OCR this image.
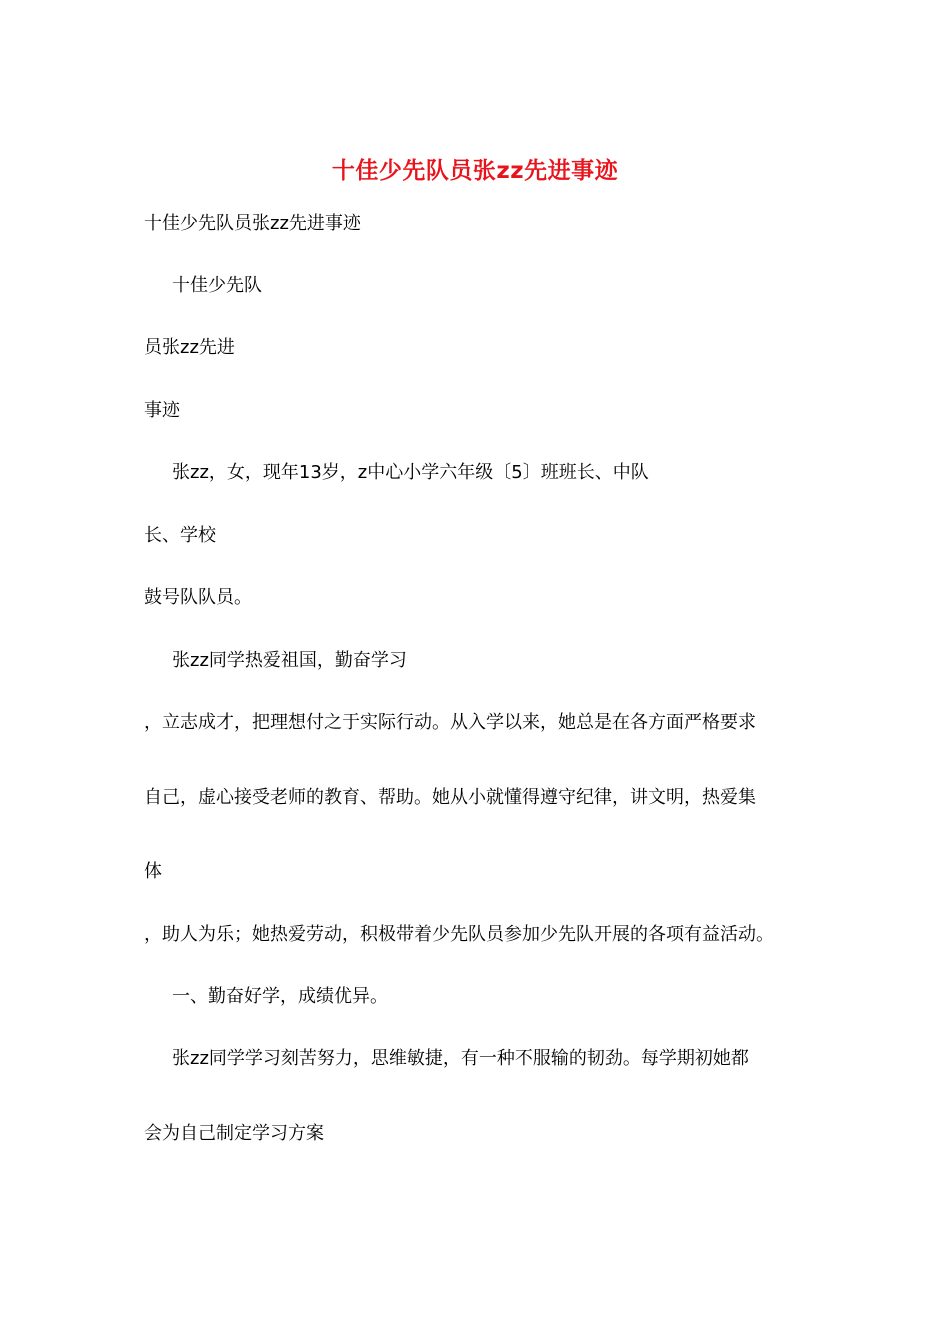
十佳少先队员张zz先进事迹
十佳少先队员张zz先进事迹
十佳少先队
员张zz先进
事迹
张zz，女，现年13岁，z中心小学六年级〔5〕班班长、中队
长、学校
鼓号队队员。
张zz同学热爱祖国，勤奋学习
，立志成才，把理想付之于实际行动。从入学以来，她总是在各方面严格要求
自己，虚心接受老师的教育、帮助。她从小就懂得遵守纪律，讲文明，热爱集
体
，助人为乐；她热爱劳动，积极带着少先队员参加少先队开展的各项有益活动。
一、勤奋好学，成绩优异。
张zz同学学习刻苦努力，思维敏捷，有一种不服输的韧劲。每学期初她都
会为自己制定学习方案
